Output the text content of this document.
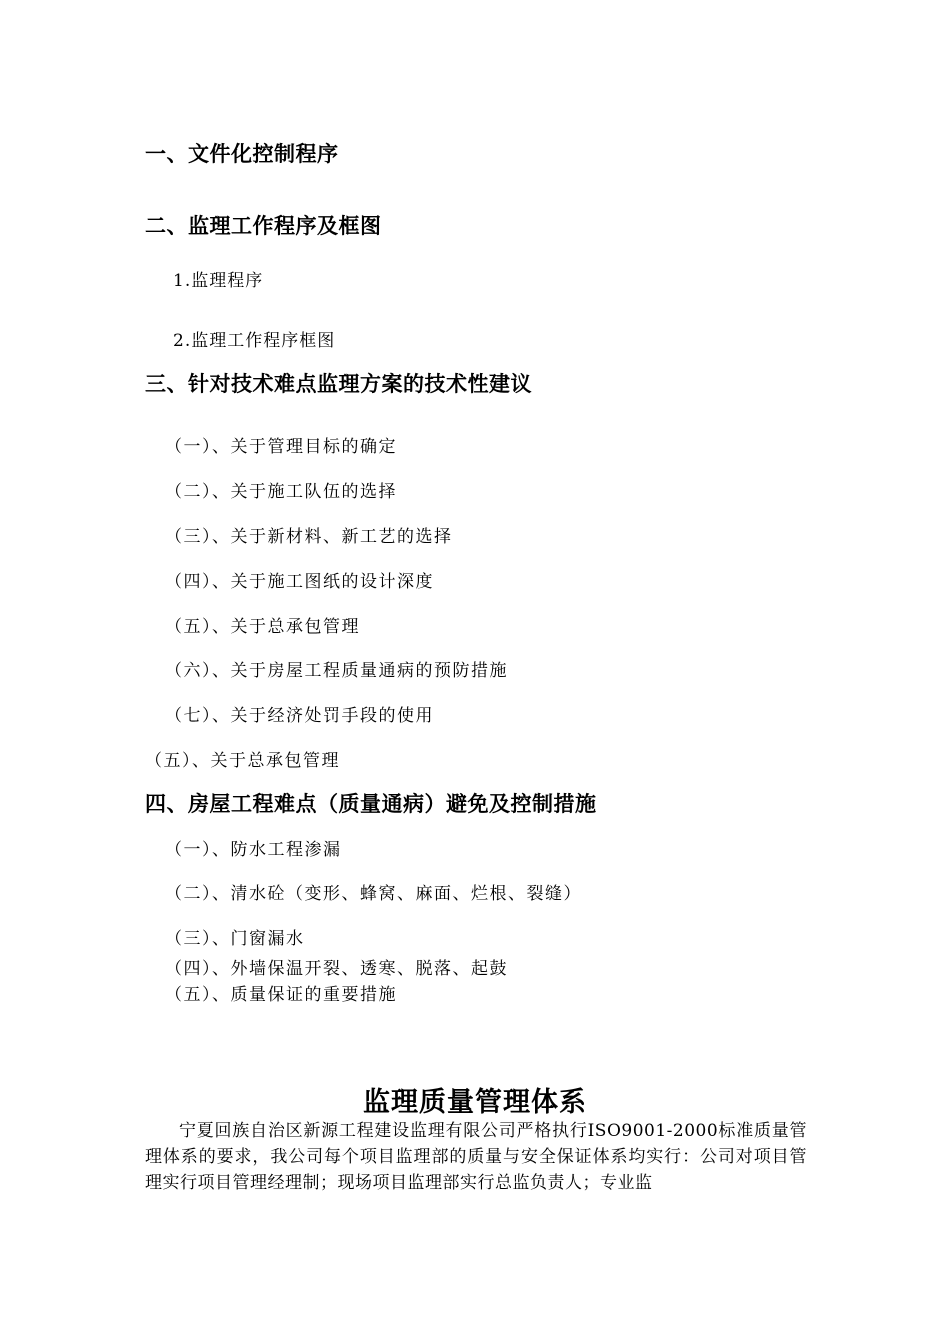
一、文件化控制程序
二、监理工作程序及框图
1.监理程序
2.监理工作程序框图
三、针对技术难点监理方案的技术性建议
（一）、关于管理目标的确定
（二）、关于施工队伍的选择
（三）、关于新材料、新工艺的选择
（四）、关于施工图纸的设计深度
（五）、关于总承包管理
（六）、关于房屋工程质量通病的预防措施
（七）、关于经济处罚手段的使用
（五）、关于总承包管理
四、房屋工程难点（质量通病）避免及控制措施
（一）、防水工程渗漏
（二）、清水砼（变形、蜂窝、麻面、烂根、裂缝）
（三）、门窗漏水
（四）、外墙保温开裂、透寒、脱落、起鼓
（五）、质量保证的重要措施
监理质量管理体系
宁夏回族自治区新源工程建设监理有限公司严格执行ISO9001-2000标准质量管理体系的要求，我公司每个项目监理部的质量与安全保证体系均实行：公司对项目管理实行项目管理经理制；现场项目监理部实行总监负责人；专业监
